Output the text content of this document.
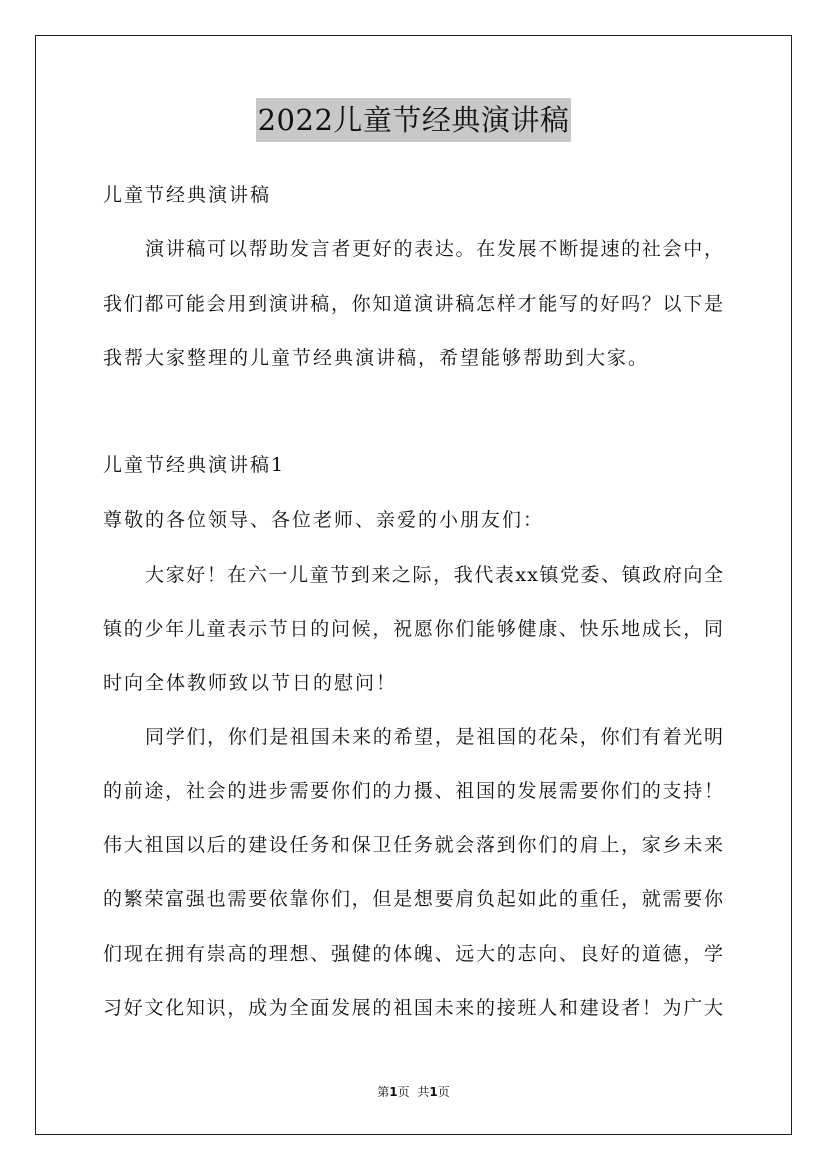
2022儿童节经典演讲稿
儿童节经典演讲稿
演讲稿可以帮助发言者更好的表达。在发展不断提速的社会中，
我们都可能会用到演讲稿，你知道演讲稿怎样才能写的好吗？以下是
我帮大家整理的儿童节经典演讲稿，希望能够帮助到大家。
儿童节经典演讲稿1
尊敬的各位领导、各位老师、亲爱的小朋友们：
大家好！在六一儿童节到来之际，我代表xx镇党委、镇政府向全
镇的少年儿童表示节日的问候，祝愿你们能够健康、快乐地成长，同
时向全体教师致以节日的慰问！
同学们，你们是祖国未来的希望，是祖国的花朵，你们有着光明
的前途，社会的进步需要你们的力摄、祖国的发展需要你们的支持！
伟大祖国以后的建设任务和保卫任务就会落到你们的肩上，家乡未来
的繁荣富强也需要依靠你们，但是想要肩负起如此的重任，就需要你
们现在拥有崇高的理想、强健的体魄、远大的志向、良好的道德，学
习好文化知识，成为全面发展的祖国未来的接班人和建设者！为广大
第1页 共1页
